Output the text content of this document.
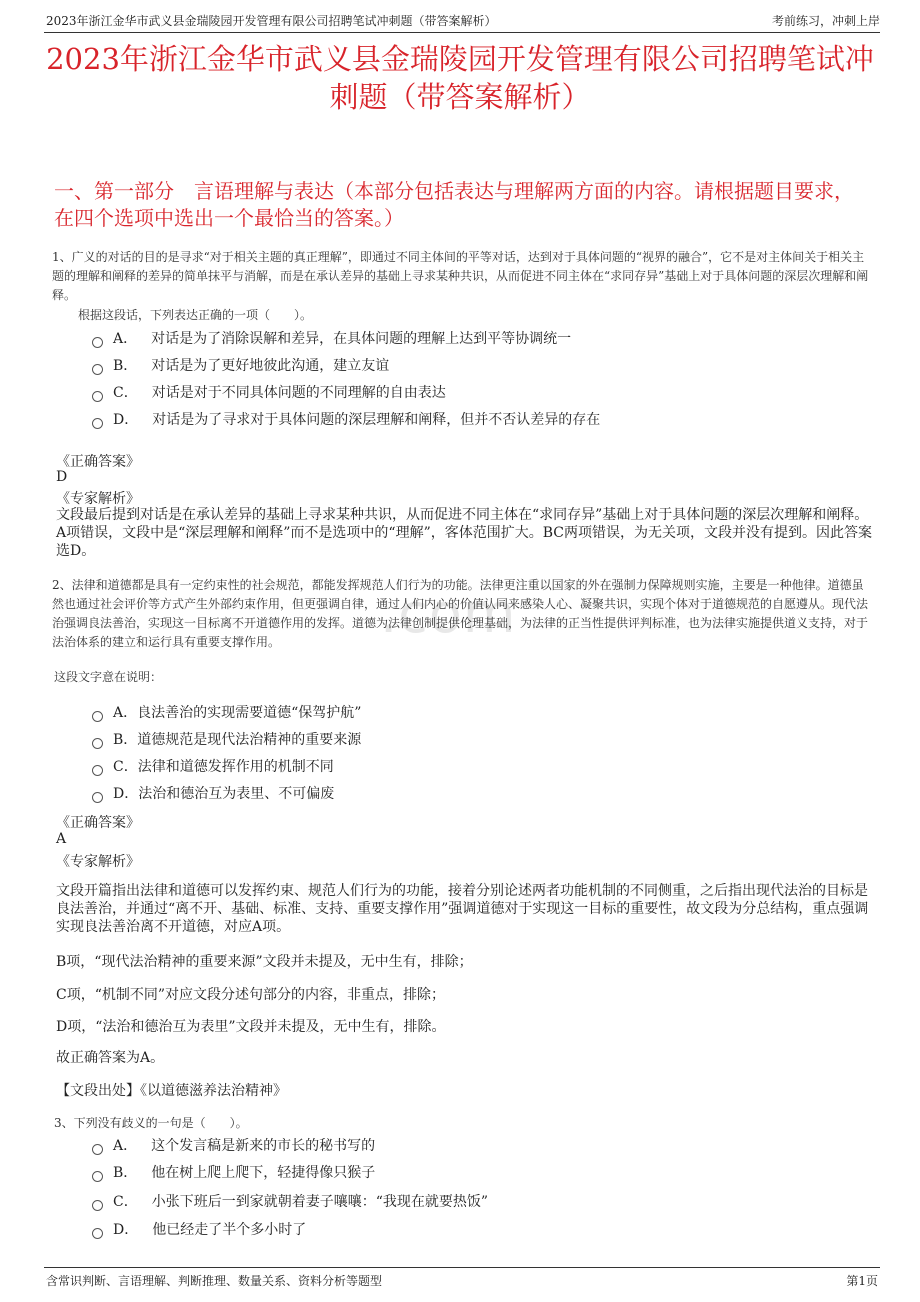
2023年浙江金华市武义县金瑞陵园开发管理有限公司招聘笔试冲刺题（带答案解析）	考前练习，冲刺上岸
.com
2023年浙江金华市武义县金瑞陵园开发管理有限公司招聘笔试冲刺题（带答案解析）
一、第一部分　言语理解与表达（本部分包括表达与理解两方面的内容。请根据题目要求，在四个选项中选出一个最恰当的答案。）
1、广义的对话的目的是寻求“对于相关主题的真正理解”，即通过不同主体间的平等对话，达到对于具体问题的“视界的融合”，它不是对主体间关于相关主题的理解和阐释的差异的简单抹平与消解，而是在承认差异的基础上寻求某种共识，从而促进不同主体在“求同存异”基础上对于具体问题的深层次理解和阐释。
根据这段话，下列表达正确的一项（　　）。
A． 对话是为了消除误解和差异，在具体问题的理解上达到平等协调统一
B． 对话是为了更好地彼此沟通，建立友谊
C． 对话是对于不同具体问题的不同理解的自由表达
D． 对话是为了寻求对于具体问题的深层理解和阐释，但并不否认差异的存在
《正确答案》
D
《专家解析》
文段最后提到对话是在承认差异的基础上寻求某种共识，从而促进不同主体在“求同存异”基础上对于具体问题的深层次理解和阐释。A项错误，文段中是“深层理解和阐释”而不是选项中的“理解”，客体范围扩大。BC两项错误，为无关项，文段并没有提到。因此答案选D。
2、法律和道德都是具有一定约束性的社会规范，都能发挥规范人们行为的功能。法律更注重以国家的外在强制力保障规则实施，主要是一种他律。道德虽然也通过社会评价等方式产生外部约束作用，但更强调自律，通过人们内心的价值认同来感染人心、凝聚共识，实现个体对于道德规范的自愿遵从。现代法治强调良法善治，实现这一目标离不开道德作用的发挥。道德为法律创制提供伦理基础，为法律的正当性提供评判标准，也为法律实施提供道义支持，对于法治体系的建立和运行具有重要支撑作用。
这段文字意在说明：
A． 良法善治的实现需要道德“保驾护航”
B． 道德规范是现代法治精神的重要来源
C． 法律和道德发挥作用的机制不同
D． 法治和德治互为表里、不可偏废
《正确答案》
A
《专家解析》
文段开篇指出法律和道德可以发挥约束、规范人们行为的功能，接着分别论述两者功能机制的不同侧重，之后指出现代法治的目标是良法善治，并通过“离不开、基础、标准、支持、重要支撑作用”强调道德对于实现这一目标的重要性，故文段为分总结构，重点强调实现良法善治离不开道德，对应A项。
B项，“现代法治精神的重要来源”文段并未提及，无中生有，排除；
C项，“机制不同”对应文段分述句部分的内容，非重点，排除；
D项，“法治和德治互为表里”文段并未提及，无中生有，排除。
故正确答案为A。
【文段出处】《以道德滋养法治精神》
3、下列没有歧义的一句是（　　）。
A． 这个发言稿是新来的市长的秘书写的
B． 他在树上爬上爬下，轻捷得像只猴子
C． 小张下班后一到家就朝着妻子嚷嚷：“我现在就要热饭”
D． 他已经走了半个多小时了
含常识判断、言语理解、判断推理、数量关系、资料分析等题型	第1页
